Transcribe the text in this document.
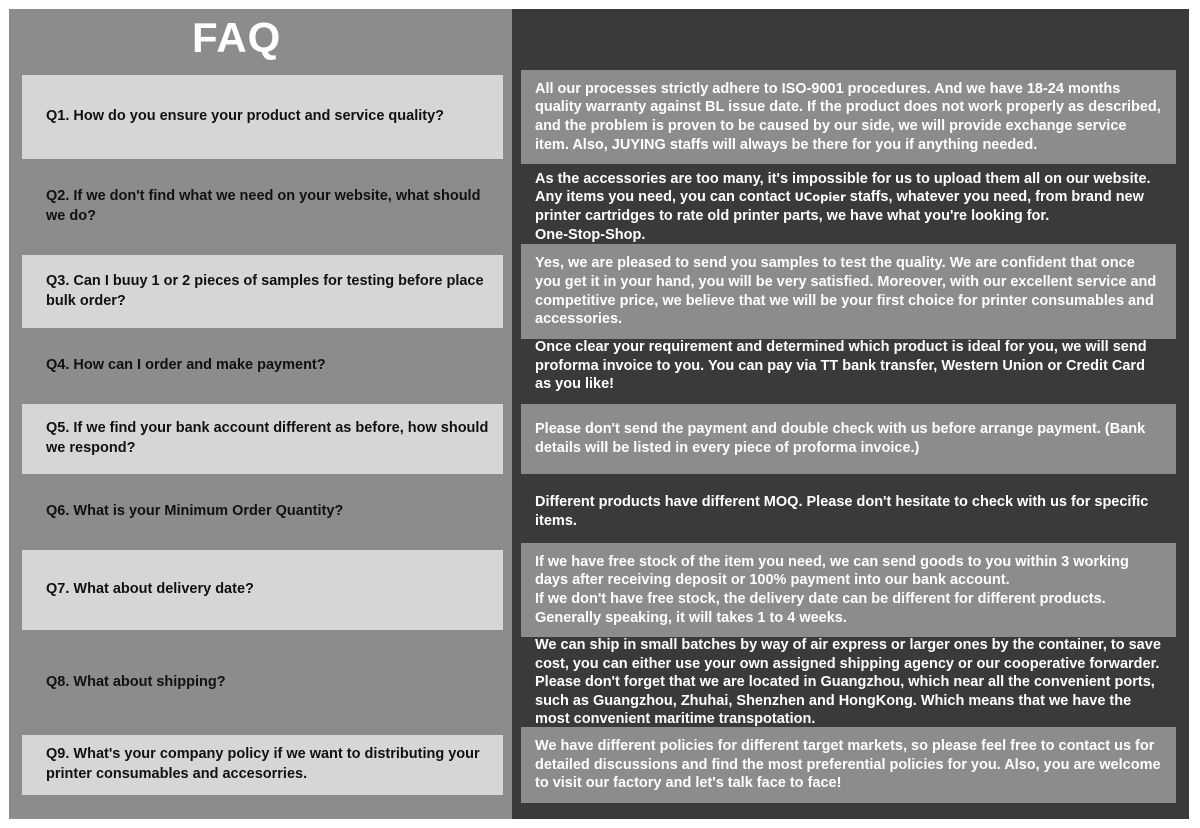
FAQ
Q1. How do you ensure your product and service quality?
All our processes strictly adhere to ISO-9001 procedures. And we have 18-24 months quality warranty against BL issue date. If the product does not work properly as described, and the problem is proven to be caused by our side, we will provide exchange service item. Also, JUYING staffs will always be there for you if anything needed.
Q2. If we don't find what we need on your website, what should we do?
As the accessories are too many, it's impossible for us to upload them all on our website. Any items you need, you can contact UCopier staffs, whatever you need, from brand new printer cartridges to rate old printer parts, we have what you're looking for.
One-Stop-Shop.
Q3. Can I buuy 1 or 2 pieces of samples for testing before place bulk order?
Yes, we are pleased to send you samples to test the quality. We are confident that once you get it in your hand, you will be very satisfied. Moreover, with our excellent service and competitive price, we believe that we will be your first choice for printer consumables and accessories.
Q4. How can I order and make payment?
Once clear your requirement and determined which product is ideal for you, we will send proforma invoice to you. You can pay via TT bank transfer, Western Union or Credit Card as you like!
Q5. If we find your bank account different as before, how should we respond?
Please don't send the payment and double check with us before arrange payment. (Bank details will be listed in every piece of proforma invoice.)
Q6. What is your Minimum Order Quantity?
Different products have different MOQ. Please don't hesitate to check with us for specific items.
Q7. What about delivery date?
If we have free stock of the item you need, we can send goods to you within 3 working days after receiving deposit or 100% payment into our bank account.
If we don't have free stock, the delivery date can be different for different products. Generally speaking, it will takes 1 to 4 weeks.
Q8. What about shipping?
We can ship in small batches by way of air express or larger ones by the container, to save cost, you can either use your own assigned shipping agency or our cooperative forwarder. Please don't forget that we are located in Guangzhou, which near all the convenient ports, such as Guangzhou, Zhuhai, Shenzhen and HongKong. Which means that we have the most convenient maritime transpotation.
Q9. What's your company policy if we want to distributing your printer consumables and accesorries.
We have different policies for different target markets, so please feel free to contact us for detailed discussions and find the most preferential policies for you. Also, you are welcome to visit our factory and let's talk face to face!
